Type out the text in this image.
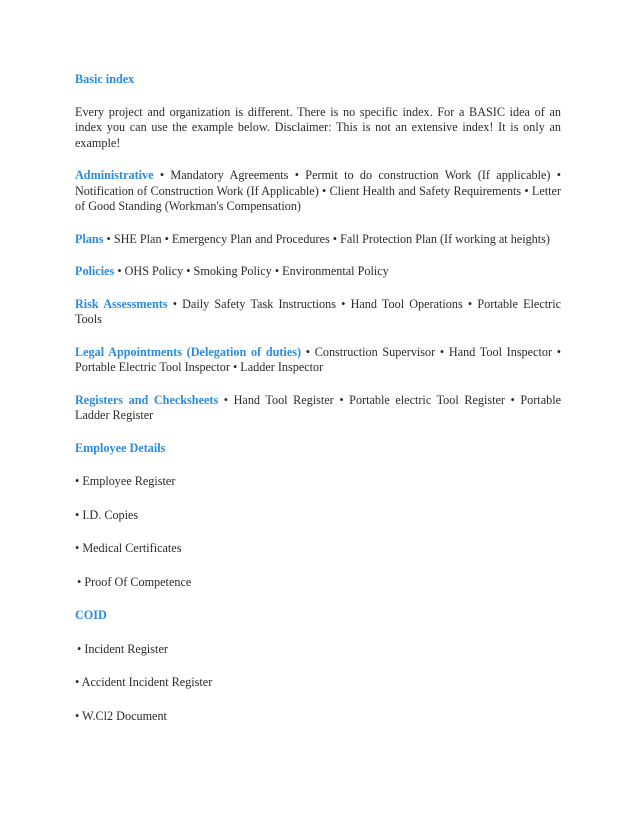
Basic index

Every project and organization is different. There is no specific index. For a BASIC idea of an index you can use the example below. Disclaimer: This is not an extensive index! It is only an example!

Administrative • Mandatory Agreements • Permit to do construction Work (If applicable) • Notification of Construction Work (If Applicable) • Client Health and Safety Requirements • Letter of Good Standing (Workman's Compensation)

Plans • SHE Plan • Emergency Plan and Procedures • Fall Protection Plan (If working at heights)

Policies • OHS Policy • Smoking Policy • Environmental Policy

Risk Assessments • Daily Safety Task Instructions • Hand Tool Operations • Portable Electric Tools

Legal Appointments (Delegation of duties) • Construction Supervisor • Hand Tool Inspector • Portable Electric Tool Inspector • Ladder Inspector

Registers and Checksheets • Hand Tool Register • Portable electric Tool Register • Portable Ladder Register

Employee Details

• Employee Register

• I.D. Copies

• Medical Certificates

• Proof Of Competence

COID

• Incident Register

• Accident Incident Register

• W.Cl2 Document
